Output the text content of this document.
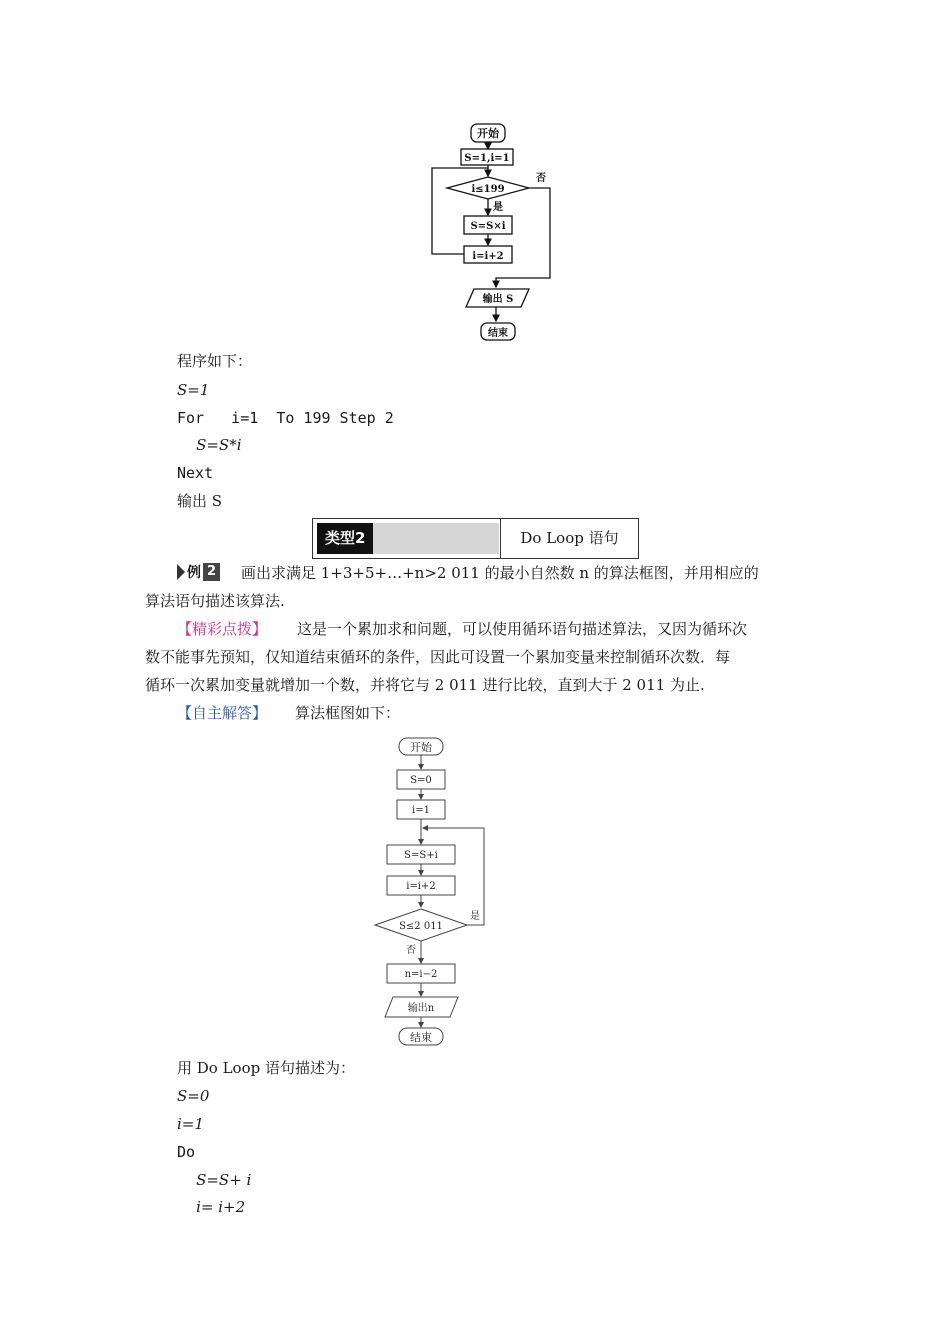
开始
S=1,i=1
i≤199
是
否
S=S×i
i=i+2
输出 S
结束
程序如下：
S=1
For   i=1  To 199 Step 2
S=S*i
Next
输出 S
类型2	Do Loop 语句
例 2 画出求满足 1+3+5+…+n>2 011 的最小自然数 n 的算法框图，并用相应的
算法语句描述该算法.
【精彩点拨】 这是一个累加求和问题，可以使用循环语句描述算法，又因为循环次
数不能事先预知，仅知道结束循环的条件，因此可设置一个累加变量来控制循环次数．每
循环一次累加变量就增加一个数，并将它与 2 011 进行比较，直到大于 2 011 为止.
【自主解答】 算法框图如下：
开始
S=0
i=1
S=S+i
i=i+2
S≤2 011
是
否
n=i−2
输出n
结束
用 Do Loop 语句描述为：
S=0
i=1
Do
S=S+ i
i= i+2
